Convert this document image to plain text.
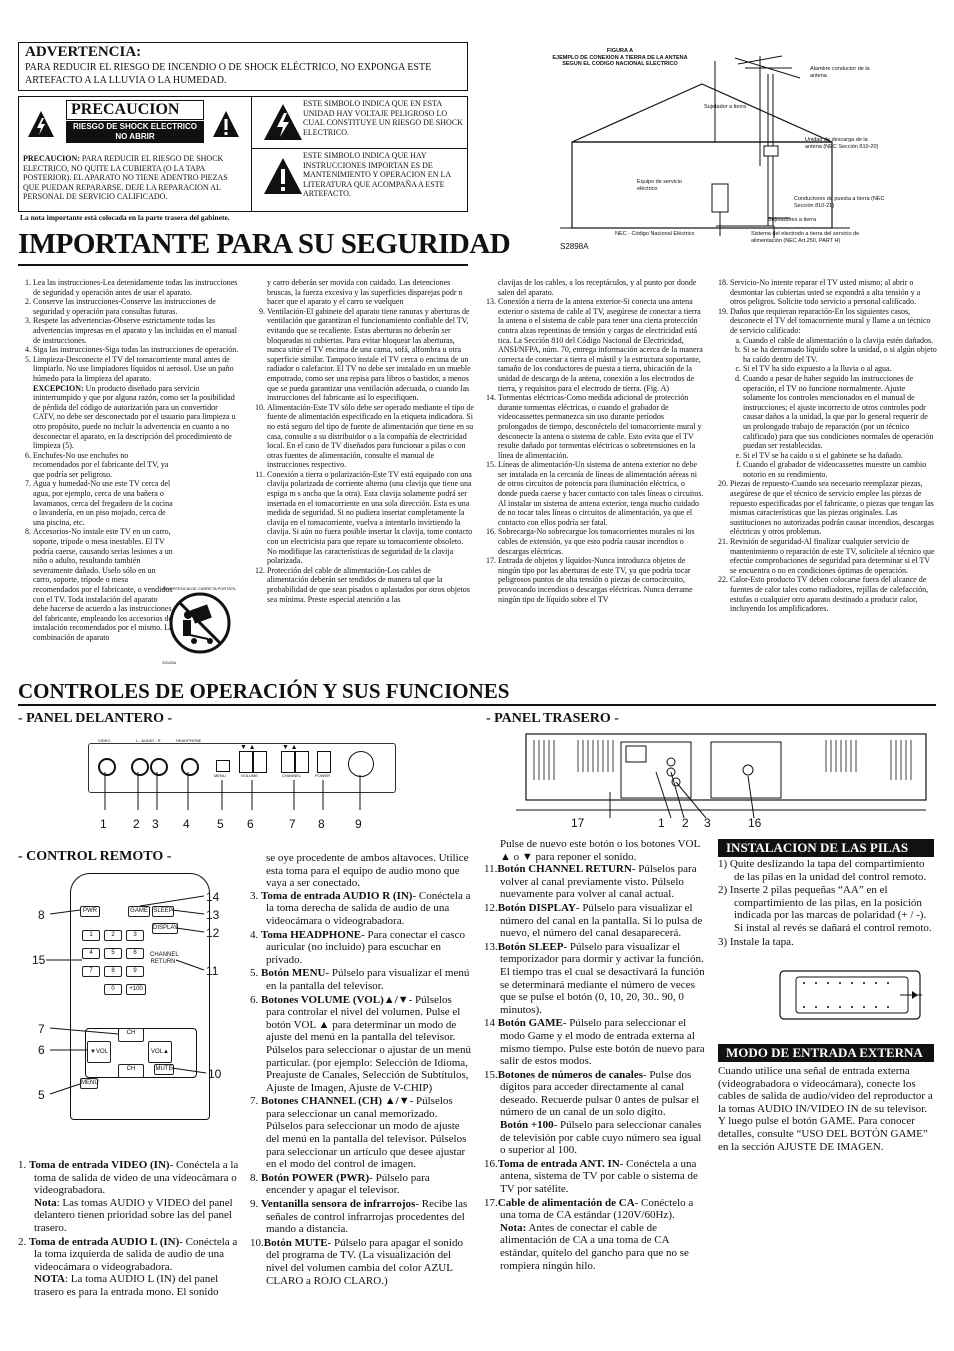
ADVERTENCIA:
PARA REDUCIR EL RIESGO DE INCENDIO O DE SHOCK ELÉCTRICO, NO EXPONGA ESTE ARTEFACTO A LA LLUVIA O LA HUMEDAD.
PRECAUCION
RIESGO DE SHOCK ELECTRICO NO ABRIR
PRECAUCION: PARA REDUCIR EL RIESGO DE SHOCK ELECTRICO, NO QUITE LA CUBIERTA (O LA TAPA POSTERIOR). EL APARATO NO TIENE ADENTRO PIEZAS QUE PUEDAN REPARARSE. DEJE LA REPARACION AL PERSONAL DE SERVICIO CALIFICADO.
ESTE SIMBOLO INDICA QUE EN ESTA UNIDAD HAY VOLTAJE PELIGROSO LO CUAL CONSTITUYE UN RIESGO DE SHOCK ELECTRICO.
ESTE SIMBOLO INDICA QUE HAY INSTRUCCIONES IMPORTAN ES DE MANTENIMIENTO Y OPERACION EN LA LITERATURA QUE ACOMPAÑA A ESTE ARTEFACTO.
La nota importante está colocada en la parte trasera del gabinete.
FIGURA A
EJEMPLO DE CONEXION A TIERRA DE LA ANTENA
SEGUN EL CODIGO NACIONAL ELECTRICO
Alambre conductor de la antena
Sujetador a tierra
Unidad de descarga de la antena (NEC Sección 810-20)
Equipo de servicio eléctrico
Conductores de puesta a tierra (NEC Sección 810-21)
Sujetadores a tierra
NEC - Código Nacional Eléctrico	Sistema del electrodo a tierra del servicio de alimentación (NEC Art.250, PART H)
S2898A
IMPORTANTE PARA SU SEGURIDAD
1. Lea las instrucciones-Lea detenidamente todas las instrucciones de seguridad y operación antes de usar el aparato.
2. Conserve las instrucciones-Conserve las instrucciones de seguridad y operación para consultas futuras.
3. Respete las advertencias-Observe estrictamente todas las advertencias impresas en el aparato y las incluidas en el manual de instrucciones.
4. Siga las instrucciones-Siga todas las instrucciones de operación.
5. Limpieza-Desconecte el TV del tomacorriente mural antes de limpiarlo. No use limpiadores líquidos ni aerosol. Use un paño húmedo para la limpieza del aparato.
EXCEPCION: Un producto diseñado para servicio ininterrumpido y que por alguna razón, como ser la posibilidad de pérdida del código de autorización para un convertidor CATV, no debe ser desconectado por el usuario para limpieza u otro propósito, puede no incluir la advertencia en cuanto a no desconectar el aparato, en la descripción del procedimiento de limpieza (5).
6. Enchufes-No use enchufes no recomendados por el fabricante del TV, ya que podría ser peligroso.
7. Agua y humedad-No use este TV cerca del agua, por ejemplo, cerca de una bañera o lavamanos, cerca del fregadero de la cocina o lavandería, en un piso mojado, cerca de una piscina, etc.
8. Accesorios-No instale este TV en un carro, soporte, trípode o mesa inestables. El TV podría caerse, causando serias lesiones a un niño o adulto, resultando también severamente dañado. Uselo sólo en un carro, soporte, trípode o mesa recomendados por el fabricante, o vendidos con el TV. Toda instalación del aparato debe hacerse de acuerdo a las instrucciones del fabricante, empleando los accesorios de instalación recomendados por el mismo. La combinación de aparato
ADVERTENCIA DE CARRETA PORTATIL
S3126A
y carro deberán ser movida con cuidado. Las detenciones bruscas, la fuerza excesiva y las superficies disparejas podr n hacer que el aparato y el carro se vuelquen
9. Ventilación-El gabinete del aparato tiene ranuras y aberturas de ventilación que garantizan el funcionamiento confiable del TV, evitando que se recaliente. Estas aberturas no deberán ser bloqueadas ni cubiertas. Para evitar bloquear las aberturas, nunca sitúe el TV encima de una cama, sofá, alfombra u otra superficie similar. Tampoco instale el TV cerca o encima de un radiador o calefactor. El TV no debe ser instalado en un mueble empotrado, como ser una repisa para libros o bastidor, a menos que se pueda garantizar una ventilación adecuada, o cuando las instrucciones del fabricante así lo especifiquen.
10. Alimentación-Este TV sólo debe ser operado mediante el tipo de fuente de alimentación especificado en la etiqueta indicadora. Si no está seguro del tipo de fuente de alimentación que tiene en su casa, consulte a su distribuidor o a la compañía de electricidad local. En el caso de TV diseñados para funcionar a pilas o con otras fuentes de alimentación, consulte el manual de instrucciones respectivo.
11. Conexión a tierra o polarización-Este TV está equipado con una clavija polarizada de corriente alterna (una clavija que tiene una espiga m s ancha que la otra). Esta clavija solamente podrá ser insertada en el tomacorriente en una sola dirección. Esta es una medida de seguridad. Si no pudiera insertar completamente la clavija en el tomacorriente, vuelva a intentarlo invirtiendo la clavija. Si aún no fuera posible insertar la clavija, tome contacto con un electricista para que repare su tomacorriente obsoleto. No modifique las características de seguridad de la clavija polarizada.
12. Protección del cable de alimentación-Los cables de alimentación deberán ser tendidos de manera tal que la probabilidad de que sean pisados o aplastados por otros objetos sea mínima. Preste especial atención a las
clavijas de los cables, a los receptáculos, y al punto por donde salen del aparato.
13. Conexión a tierra de la antena exterior-Si conecta una antena exterior o sistema de cable al TV, asegúrese de conectar a tierra la antena o el sistema de cable para tener una cierta protección contra alzas repentinas de tensión y cargas de electricidad está tica. La Sección 810 del Código Nacional de Electricidad, ANSI/NFPA, núm. 70, entrega información acerca de la manera correcta de conectar a tierra el mástil y la estructura soportante, tamaño de los conductores de puesta a tierra, ubicación de la unidad de descarga de la antena, conexión a los electrodos de tierra, y requisitos para el electrodo de tierra. (Fig. A)
14. Tormentas eléctricas-Como medida adicional de protección durante tormentas eléctricas, o cuando el grabador de videocassettes permanezca sin uso durante períodos prolongados de tiempo, desconéctelo del tomacorriente mural y desconecte la antena o sistema de cable. Esto evita que el TV resulte dañado por tormentas eléctricas o sobretensiones en la línea de alimentación.
15. Líneas de alimentación-Un sistema de antena exterior no debe ser instalada en la cercanía de líneas de alimentación aéreas ni de otros circuitos de potencia para iluminación eléctrica, o donde pueda caerse y hacer contacto con tales líneas o circuitos. Al instalar un sistema de antena exterior, tenga mucho cuidado de no tocar tales líneas o circuitos de alimentación, ya que el contacto con ellos podría ser fatal.
16. Sobrecarga-No sobrecargue los tomacorrientes murales ni los cables de extensión, ya que esto podría causar incendios o descargas eléctricas.
17. Entrada de objetos y líquidos-Nunca introduzca objetos de ningún tipo por las aberturas de este TV, ya que podría tocar peligrosos puntos de alta tensión o piezas de cortocircuito, provocando incendios o descargas eléctricas. Nunca derrame ningún tipo de líquido sobre el TV
18. Servicio-No intente reparar el TV usted mismo; al abrir o desmontar las cubiertas usted se expondrá a alta tensión y a otros peligros. Solicite todo servicio a personal calificado.
19. Daños que requieran reparación-En los siguientes casos, desconecte el TV del tomacorriente mural y llame a un técnico de servicio calificado:
a. Cuando el cable de alimentación o la clavija estén dañados.
b. Si se ha derramado líquido sobre la unidad, o si algún objeto ha caído dentro del TV.
c. Si el TV ha sido expuesto a la lluvia o al agua.
d. Cuando a pesar de haber seguido las instrucciones de operación, el TV no funcione normalmente. Ajuste solamente los controles mencionados en el manual de instrucciones; el ajuste incorrecto de otros controles podr causar daños a la unidad, la que por lo general requerir de un prolongado trabajo de reparación (por un técnico calificado) para que sus condiciones normales de operación puedan ser restablecidas.
e. Si el TV se ha caído o si el gabinete se ha dañado.
f. Cuando el grabador de videocassettes muestre un cambio notorio en su rendimiento.
20. Piezas de repuesto-Cuando sea necesario reemplazar piezas, asegúrese de que el técnico de servicio emplee las piezas de repuesto especificadas por el fabricante, o piezas que tengan las mismas características que las piezas originales. Las sustituciones no autorizadas podrán causar incendios, descargas eléctricas y otros problemas.
21. Revisión de seguridad-Al finalizar cualquier servicio de mantenimiento o reparación de este TV, solicítele al técnico que efectúe comprobaciones de seguridad para determinar si el TV se encuentra o no en condiciones óptimas de operación.
22. Calor-Esto producto TV deben colocarse fuera del alcance de fuentes de calor tales como radiadores, rejillas de calefacción, estufas o cualquier otro aparato destinado a producir calor, incluyendo los amplificadores.
CONTROLES DE OPERACIÓN Y SUS FUNCIONES
- PANEL DELANTERO -
VIDEO	L - AUDIO - R	HEADPHONE
MENU
▼ ▲
VOLUME
▼ ▲
CHANNEL	POWER
1 2 3 4 5 6	7 8	9
- PANEL TRASERO -
17	1 2 3	16
- CONTROL REMOTO -
PWR	GAME SLEEP
DISPLAY
1	2	3
4	5	6
7	8	9
0	+100
CHANNEL RETURN
CH
CH
▼VOL	VOL▲
MUTE
MENU
14
8	13
12
15
11
7
6
10
5
1. Toma de entrada VIDEO (IN)- Conéctela a la toma de salida de video de una videocámara o videograbadora.
Nota: Las tomas AUDIO y VIDEO del panel delantero tienen prioridad sobre las del panel trasero.
2. Toma de entrada AUDIO L (IN)- Conéctela a la toma izquierda de salida de audio de una videocámara o videograbadora.
NOTA: La toma AUDIO L (IN) del panel trasero es para la entrada mono. El sonido
se oye procedente de ambos altavoces. Utilice esta toma para el equipo de audio mono que vaya a ser conectado.
3. Toma de entrada AUDIO R (IN)- Conéctela a la toma derecha de salida de audio de una videocámara o videograbadora.
4. Toma HEADPHONE- Para conectar el casco auricular (no incluido) para escuchar en privado.
5. Botón MENU- Púlselo para visualizar el menú en la pantalla del televisor.
6. Botones VOLUME (VOL)▲/▼- Púlselos para controlar el nivel del volumen. Pulse el botón VOL ▲ para determinar un modo de ajuste del menú en la pantalla del televisor. Púlselos para seleccionar o ajustar de un menú particular. (por ejemplo: Selección de Idioma, Preajuste de Canales, Selección de Subtítulos, Ajuste de Imagen, Ajuste de V-CHIP)
7. Botones CHANNEL (CH) ▲/▼- Púlselos para seleccionar un canal memorizado. Púlselos para seleccionar un modo de ajuste del menú en la pantalla del televisor. Púlselos para seleccionar un artículo que desee ajustar en el modo del control de imagen.
8. Botón POWER (PWR)- Púlselo para encender y apagar el televisor.
9. Ventanilla sensora de infrarrojos- Recibe las señales de control infrarrojas procedentes del mando a distancia.
10.Botón MUTE- Púlselo para apagar el sonido del programa de TV. (La visualización del nivel del volumen cambia del color AZUL CLARO a ROJO CLARO.)
Pulse de nuevo este botón o los botones VOL ▲ o ▼ para reponer el sonido.
11.Botón CHANNEL RETURN- Púlselos para volver al canal previamente visto. Púlselo nuevamente para volver al canal actual.
12.Botón DISPLAY- Púlselo para visualizar el número del canal en la pantalla. Si lo pulsa de nuevo, el número del canal desaparecerá.
13.Botón SLEEP- Púlselo para visualizar el temporizador para dormir y activar la función. El tiempo tras el cual se desactivará la función se determinará mediante el número de veces que se pulse el botón (0, 10, 20, 30.. 90, 0 minutos).
14 Botón GAME- Púlselo para seleccionar el modo Game y el modo de entrada externa al mismo tiempo. Pulse este botón de nuevo para salir de estos modos.
15.Botones de números de canales- Pulse dos dígitos para acceder directamente al canal deseado. Recuerde pulsar 0 antes de pulsar el número de un canal de un solo dígito.
Botón +100- Púlselo para seleccionar canales de televisión por cable cuyo número sea igual o superior al 100.
16.Toma de entrada ANT. IN- Conéctela a una antena, sistema de TV por cable o sistema de TV por satélite.
17.Cable de alimentación de CA- Conéctelo a una toma de CA estándar (120V/60Hz).
Nota: Antes de conectar el cable de alimentación de CA a una toma de CA estándar, quítelo del gancho para que no se rompiera ningún hilo.
INSTALACION DE LAS PILAS
1) Quite deslizando la tapa del compartimiento de las pilas en la unidad del control remoto.
2) Inserte 2 pilas pequeñas “AA” en el compartimiento de las pilas, en la posición indicada por las marcas de polaridad (+ / -). Si instal al revés se dañará el control remoto.
3) Instale la tapa.
MODO DE ENTRADA EXTERNA
Cuando utilice una señal de entrada externa (videograbadora o videocámara), conecte los cables de salida de audio/video del reproductor a la tomas AUDIO IN/VIDEO IN de su televisor. Y luego pulse el botón GAME. Para conocer detalles, consulte “USO DEL BOTÓN GAME” en la sección AJUSTE DE IMAGEN.
